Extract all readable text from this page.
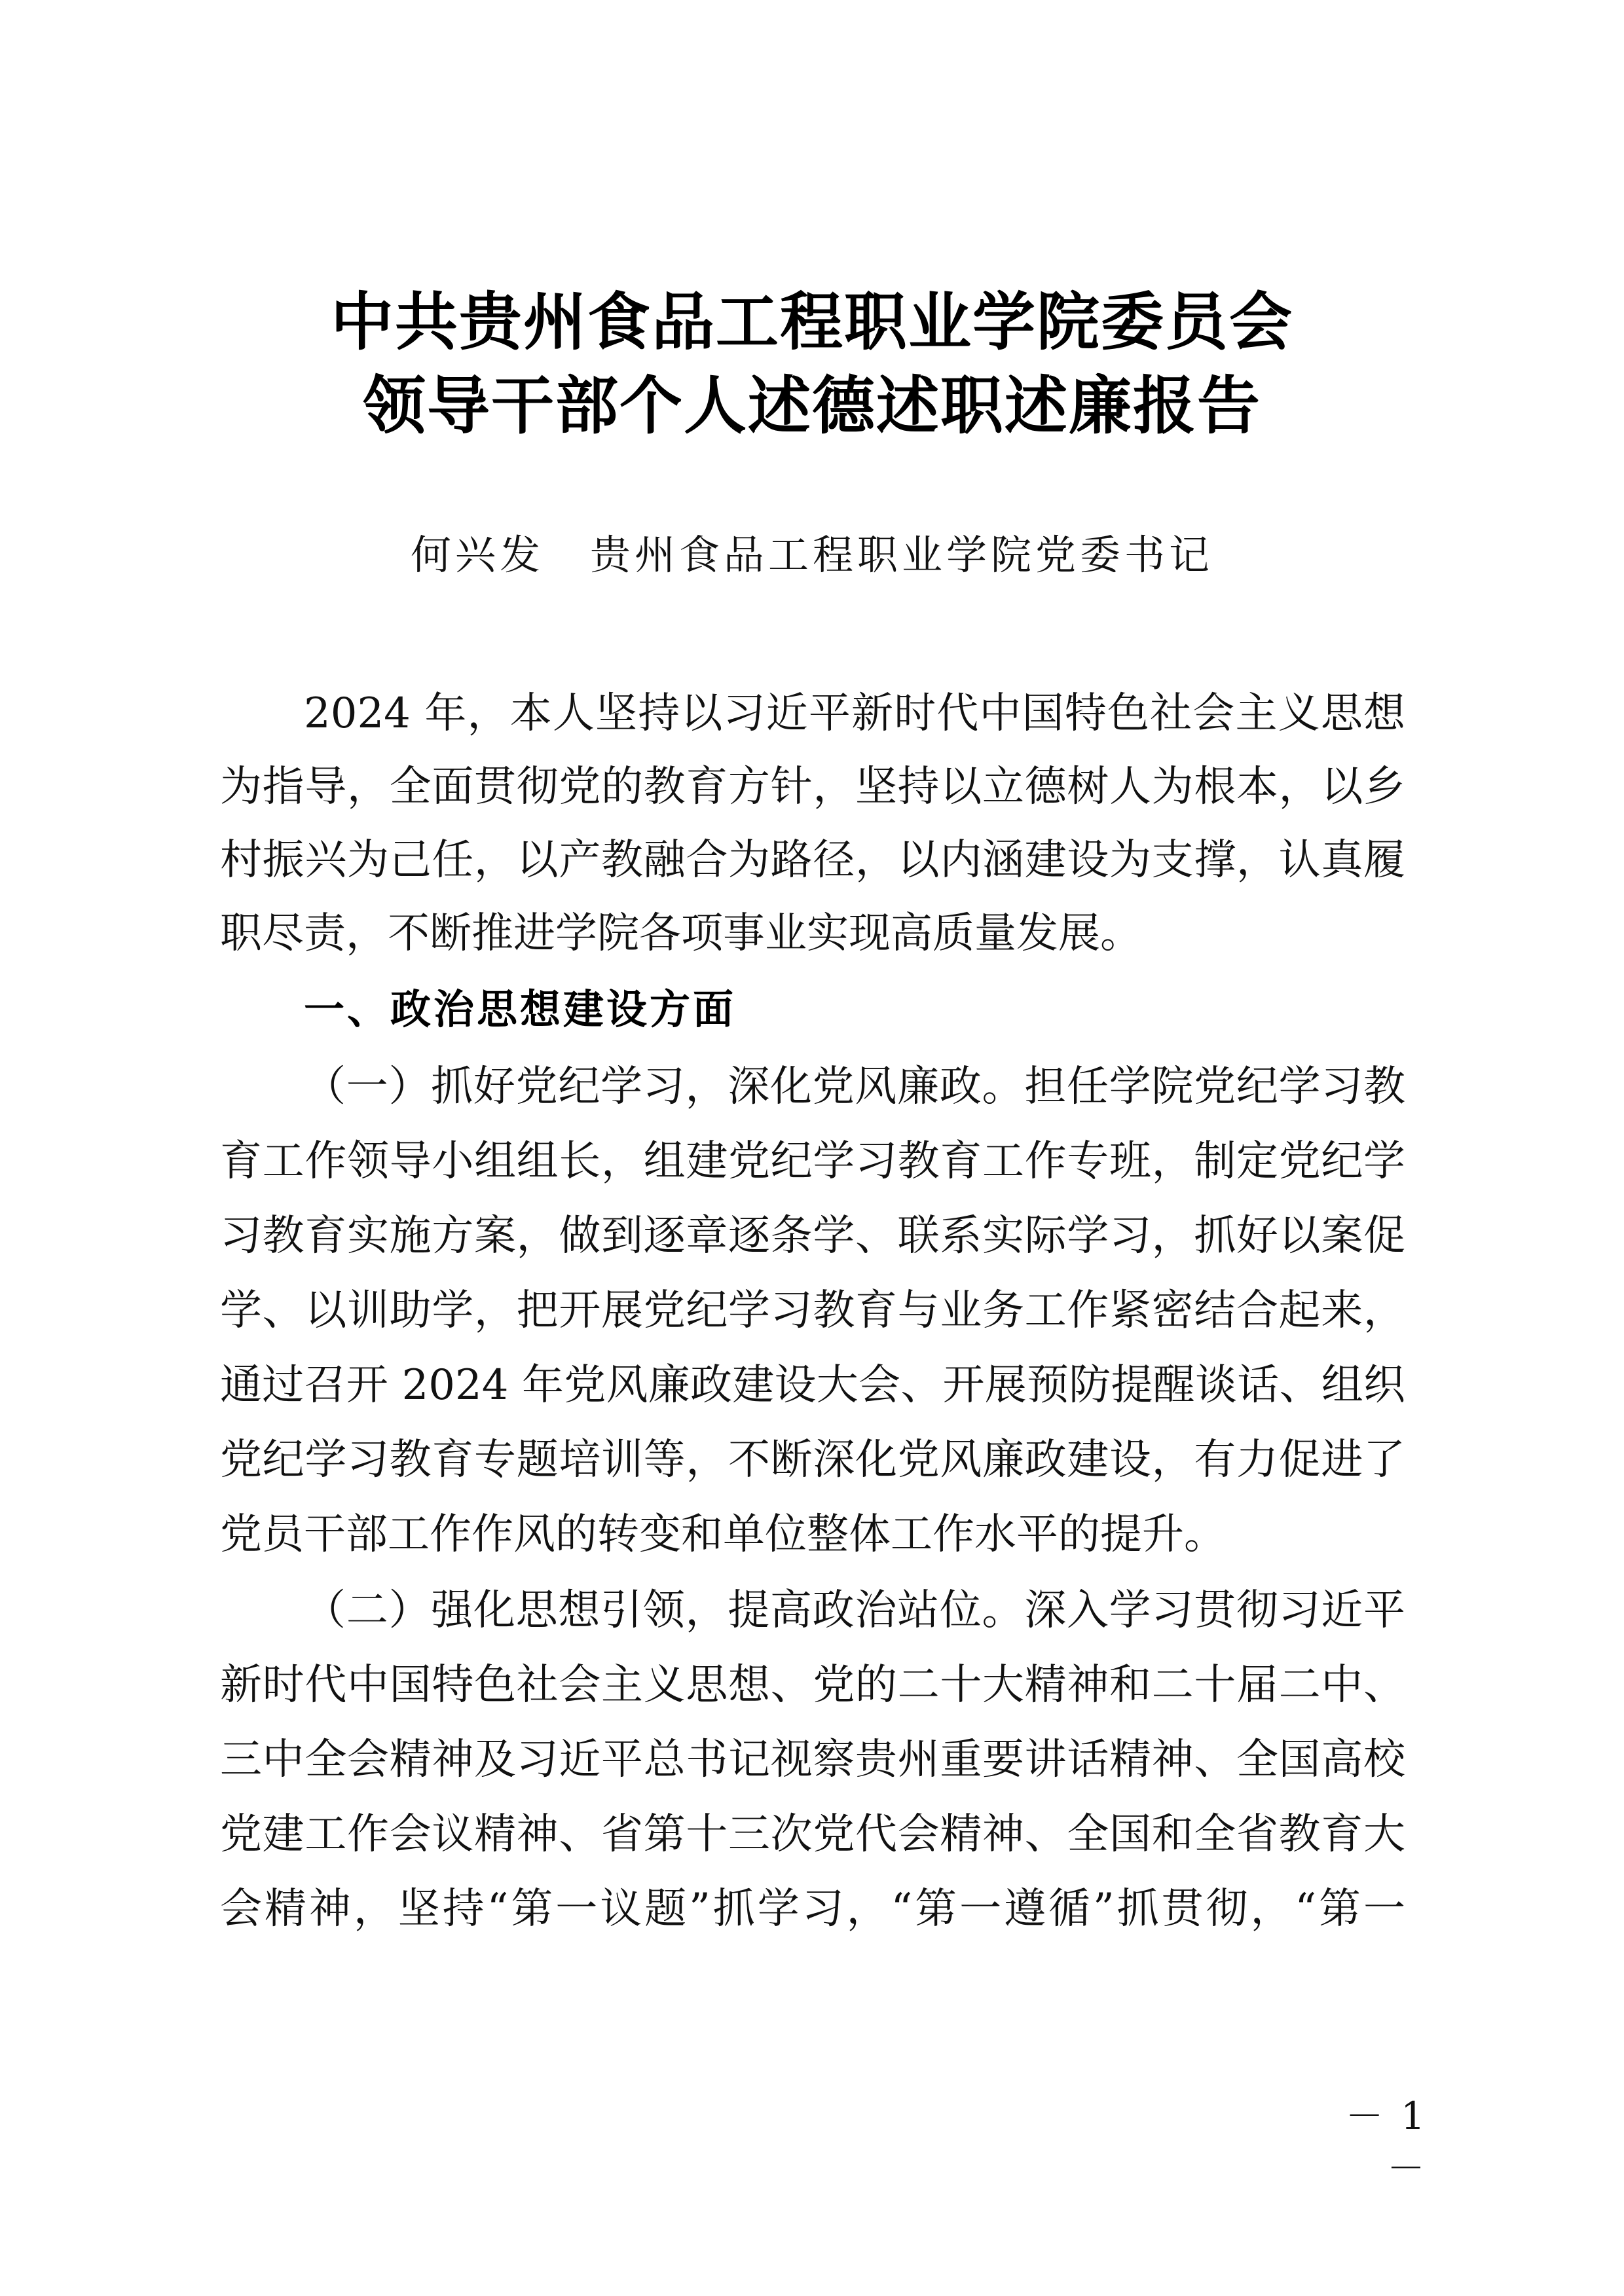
中共贵州食品工程职业学院委员会
领导干部个人述德述职述廉报告
何兴发 贵州食品工程职业学院党委书记
2024 年，本人坚持以习近平新时代中国特色社会主义思想
为指导，全面贯彻党的教育方针，坚持以立德树人为根本，以乡
村振兴为己任，以产教融合为路径，以内涵建设为支撑，认真履
职尽责，不断推进学院各项事业实现高质量发展。
一、政治思想建设方面
（一）抓好党纪学习，深化党风廉政。担任学院党纪学习教
育工作领导小组组长，组建党纪学习教育工作专班，制定党纪学
习教育实施方案，做到逐章逐条学、联系实际学习，抓好以案促
学、以训助学，把开展党纪学习教育与业务工作紧密结合起来，
通过召开 2024 年党风廉政建设大会、开展预防提醒谈话、组织
党纪学习教育专题培训等，不断深化党风廉政建设，有力促进了
党员干部工作作风的转变和单位整体工作水平的提升。
（二）强化思想引领，提高政治站位。深入学习贯彻习近平
新时代中国特色社会主义思想、党的二十大精神和二十届二中、
三中全会精神及习近平总书记视察贵州重要讲话精神、全国高校
党建工作会议精神、省第十三次党代会精神、全国和全省教育大
会精神，坚持“第一议题”抓学习，“第一遵循”抓贯彻，“第一
－ 1 －
